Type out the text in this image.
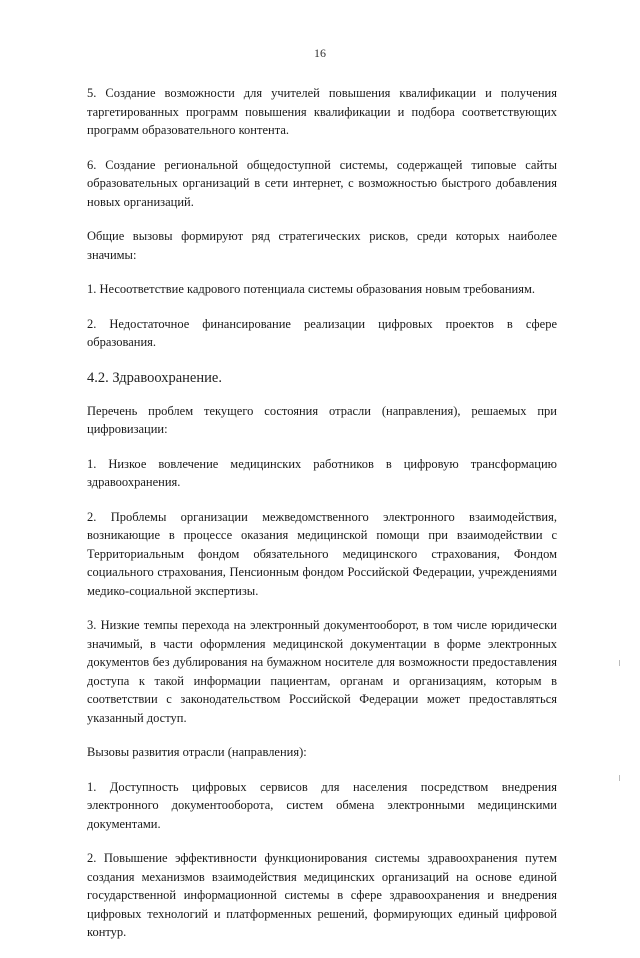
16

5. Создание возможности для учителей повышения квалификации и получения таргетированных программ повышения квалификации и подбора соответствующих программ образовательного контента.

6. Создание региональной общедоступной системы, содержащей типовые сайты образовательных организаций в сети интернет, с возможностью быстрого добавления новых организаций.

Общие вызовы формируют ряд стратегических рисков, среди которых наиболее значимы:

1. Несоответствие кадрового потенциала системы образования новым требованиям.

2. Недостаточное финансирование реализации цифровых проектов в сфере образования.

4.2. Здравоохранение.

Перечень проблем текущего состояния отрасли (направления), решаемых при цифровизации:

1. Низкое вовлечение медицинских работников в цифровую трансформацию здравоохранения.

2. Проблемы организации межведомственного электронного взаимодействия, возникающие в процессе оказания медицинской помощи при взаимодействии с Территориальным фондом обязательного медицинского страхования, Фондом социального страхования, Пенсионным фондом Российской Федерации, учреждениями медико-социальной экспертизы.

3. Низкие темпы перехода на электронный документооборот, в том числе юридически значимый, в части оформления медицинской документации в форме электронных документов без дублирования на бумажном носителе для возможности предоставления доступа к такой информации пациентам, органам и организациям, которым в соответствии с законодательством Российской Федерации может предоставляться указанный доступ.

Вызовы развития отрасли (направления):

1. Доступность цифровых сервисов для населения посредством внедрения электронного документооборота, систем обмена электронными медицинскими документами.

2. Повышение эффективности функционирования системы здравоохранения путем создания механизмов взаимодействия медицинских организаций на основе единой государственной информационной системы в сфере здравоохранения и внедрения цифровых технологий и платформенных решений, формирующих единый цифровой контур.
